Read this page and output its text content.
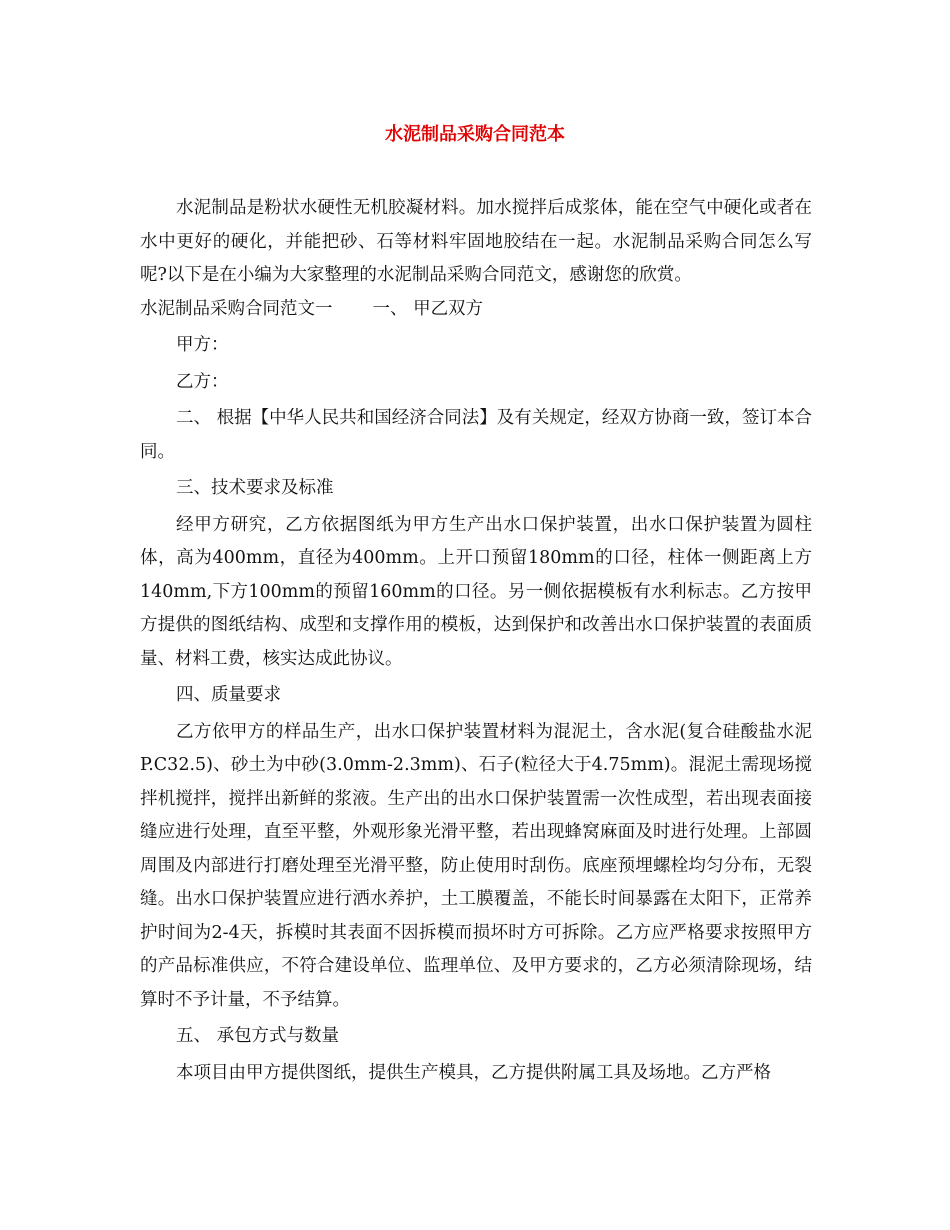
水泥制品采购合同范本

水泥制品是粉状水硬性无机胶凝材料。加水搅拌后成浆体，能在空气中硬化或者在水中更好的硬化，并能把砂、石等材料牢固地胶结在一起。水泥制品采购合同怎么写呢?以下是在小编为大家整理的水泥制品采购合同范文，感谢您的欣赏。

水泥制品采购合同范文一 一、 甲乙双方

甲方：

乙方：

二、 根据【中华人民共和国经济合同法】及有关规定，经双方协商一致，签订本合同。

三、技术要求及标准

经甲方研究，乙方依据图纸为甲方生产出水口保护装置，出水口保护装置为圆柱体，高为400mm，直径为400mm。上开口预留180mm的口径，柱体一侧距离上方140mm,下方100mm的预留160mm的口径。另一侧依据模板有水利标志。乙方按甲方提供的图纸结构、成型和支撑作用的模板，达到保护和改善出水口保护装置的表面质量、材料工费，核实达成此协议。

四、质量要求

乙方依甲方的样品生产，出水口保护装置材料为混泥土，含水泥(复合硅酸盐水泥P.C32.5)、砂土为中砂(3.0mm-2.3mm)、石子(粒径大于4.75mm)。混泥土需现场搅拌机搅拌，搅拌出新鲜的浆液。生产出的出水口保护装置需一次性成型，若出现表面接缝应进行处理，直至平整，外观形象光滑平整，若出现蜂窝麻面及时进行处理。上部圆周围及内部进行打磨处理至光滑平整，防止使用时刮伤。底座预埋螺栓均匀分布，无裂缝。出水口保护装置应进行洒水养护，土工膜覆盖，不能长时间暴露在太阳下，正常养护时间为2-4天，拆模时其表面不因拆模而损坏时方可拆除。乙方应严格要求按照甲方的产品标准供应，不符合建设单位、监理单位、及甲方要求的，乙方必须清除现场，结算时不予计量，不予结算。

五、 承包方式与数量

本项目由甲方提供图纸，提供生产模具，乙方提供附属工具及场地。乙方严格
